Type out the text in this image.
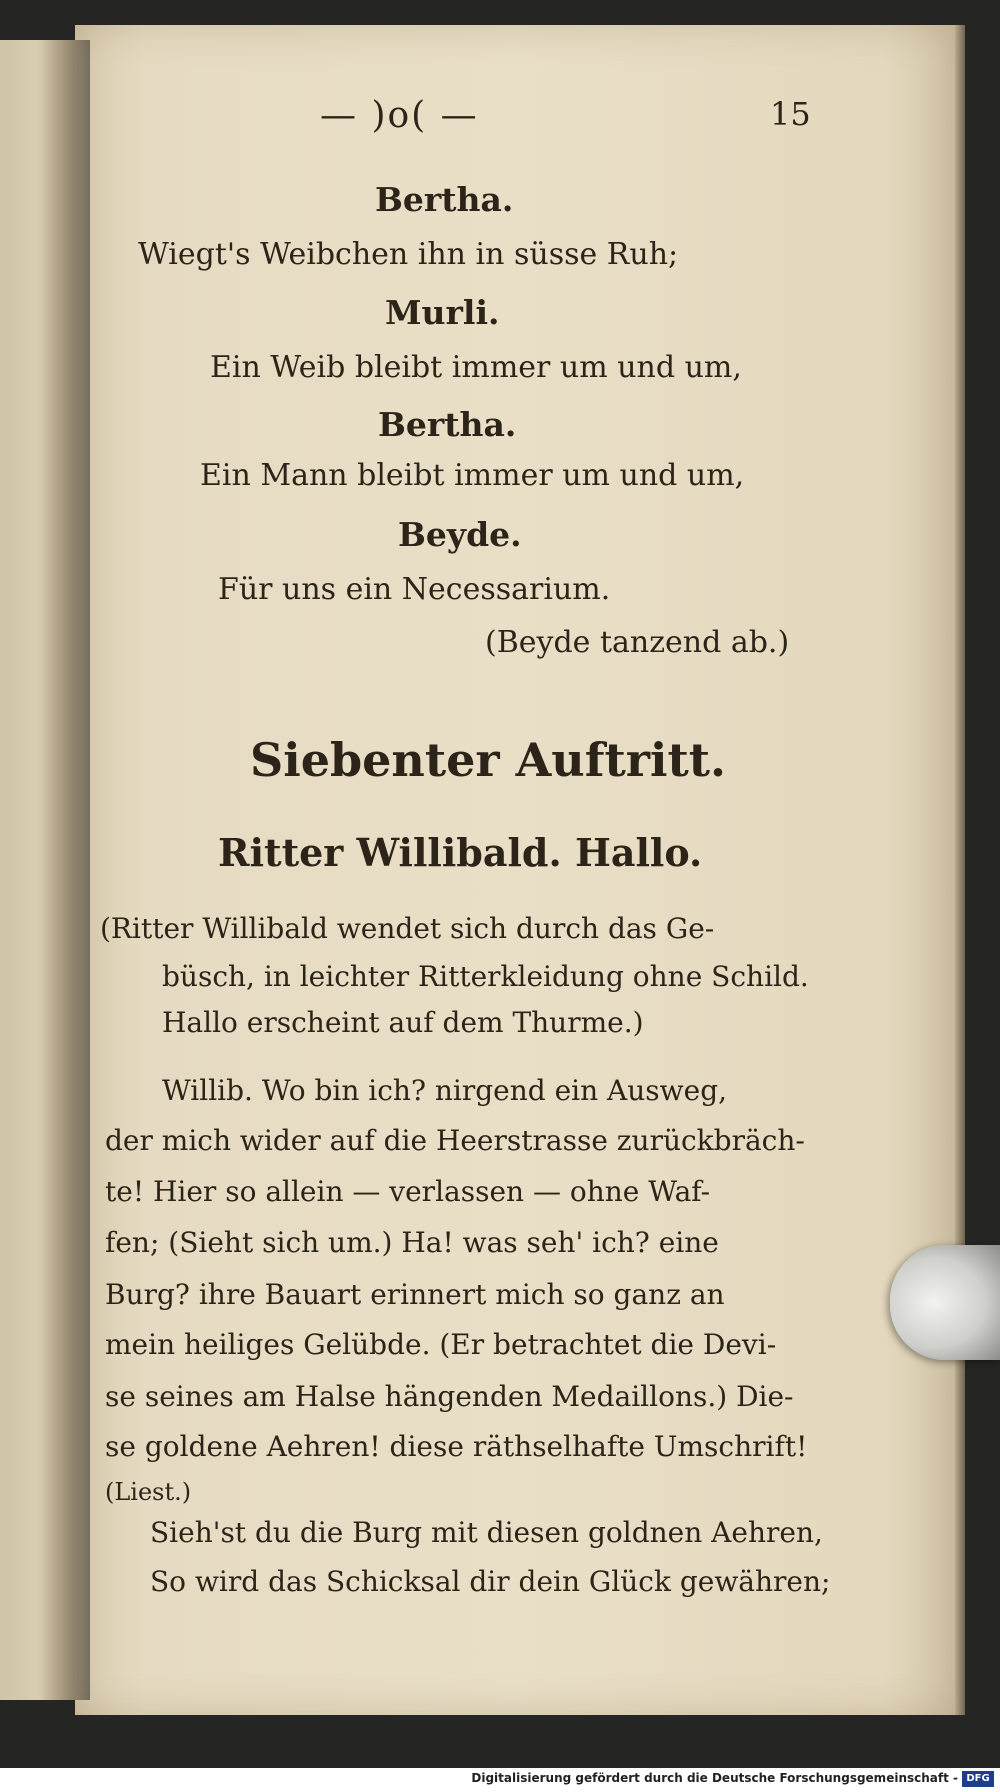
— )o( —	15
Bertha.
Wiegt's Weibchen ihn in süsse Ruh;
Murli.
Ein Weib bleibt immer um und um,
Bertha.
Ein Mann bleibt immer um und um,
Beyde.
Für uns ein Necessarium.
(Beyde tanzend ab.)
Siebenter Auftritt.
Ritter Willibald. Hallo.
(Ritter Willibald wendet sich durch das Ge-
büsch, in leichter Ritterkleidung ohne Schild.
Hallo erscheint auf dem Thurme.)
Willib. Wo bin ich? nirgend ein Ausweg,
der mich wider auf die Heerstrasse zurückbräch-
te! Hier so allein — verlassen — ohne Waf-
fen; (Sieht sich um.) Ha! was seh' ich? eine
Burg? ihre Bauart erinnert mich so ganz an
mein heiliges Gelübde. (Er betrachtet die Devi-
se seines am Halse hängenden Medaillons.) Die-
se goldene Aehren! diese räthselhafte Umschrift!
(Liest.)
Sieh'st du die Burg mit diesen goldnen Aehren,
So wird das Schicksal dir dein Glück gewähren;
Digitalisierung gefördert durch die Deutsche Forschungsgemeinschaft - DFG
